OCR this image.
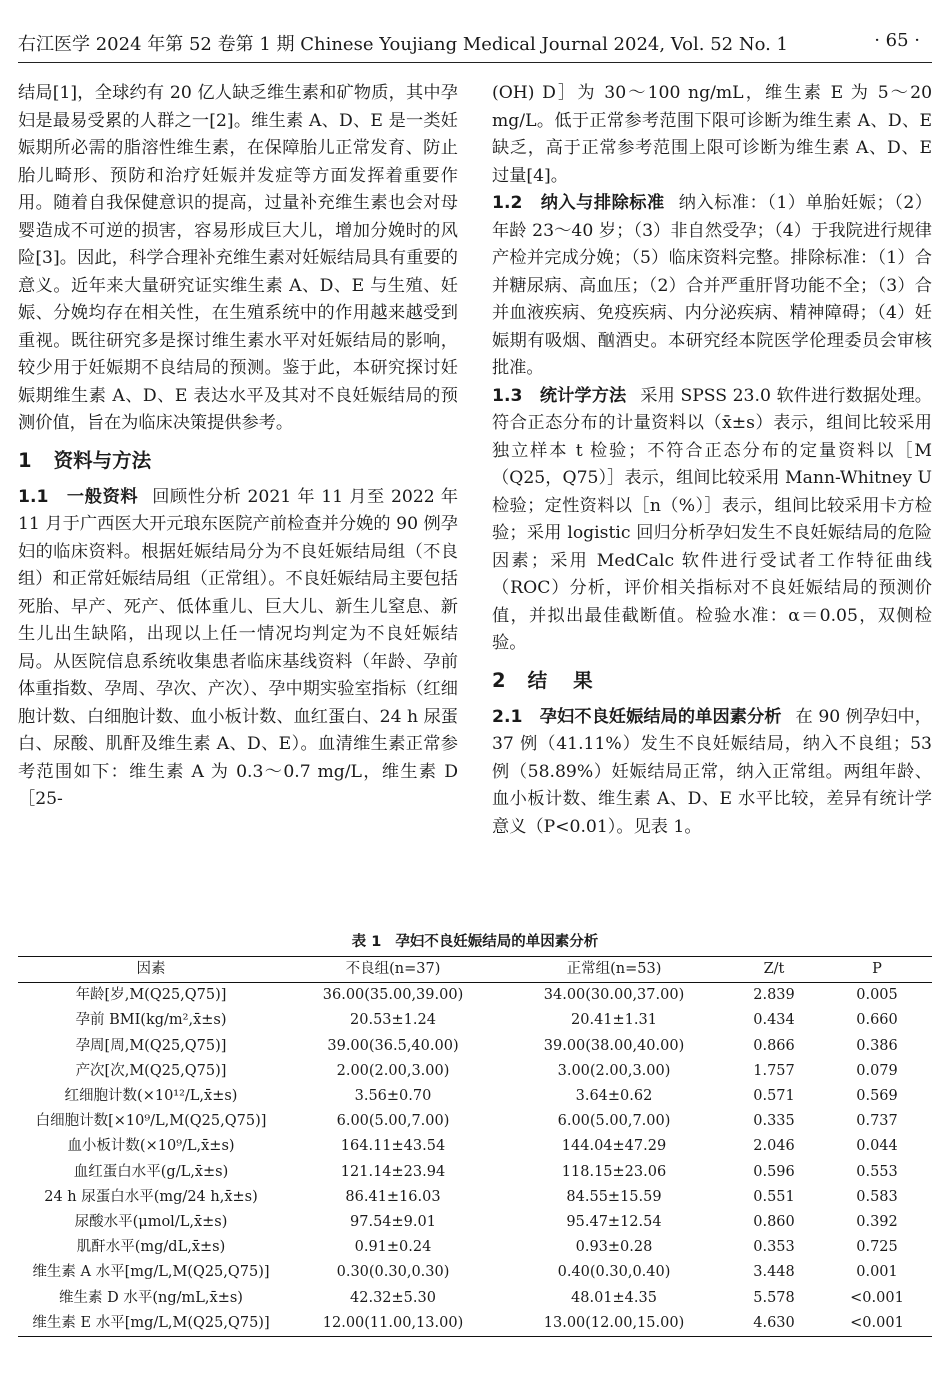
右江医学 2024 年第 52 卷第 1 期 Chinese Youjiang Medical Journal 2024, Vol. 52 No. 1	· 65 ·

结局[1]，全球约有 20 亿人缺乏维生素和矿物质，其中孕妇是最易受累的人群之一[2]。维生素 A、D、E 是一类妊娠期所必需的脂溶性维生素，在保障胎儿正常发育、防止胎儿畸形、预防和治疗妊娠并发症等方面发挥着重要作用。随着自我保健意识的提高，过量补充维生素也会对母婴造成不可逆的损害，容易形成巨大儿，增加分娩时的风险[3]。因此，科学合理补充维生素对妊娠结局具有重要的意义。近年来大量研究证实维生素 A、D、E 与生殖、妊娠、分娩均存在相关性，在生殖系统中的作用越来越受到重视。既往研究多是探讨维生素水平对妊娠结局的影响，较少用于妊娠期不良结局的预测。鉴于此，本研究探讨妊娠期维生素 A、D、E 表达水平及其对不良妊娠结局的预测价值，旨在为临床决策提供参考。

1 资料与方法

1.1　一般资料 回顾性分析 2021 年 11 月至 2022 年 11 月于广西医大开元琅东医院产前检查并分娩的 90 例孕妇的临床资料。根据妊娠结局分为不良妊娠结局组（不良组）和正常妊娠结局组（正常组）。不良妊娠结局主要包括死胎、早产、死产、低体重儿、巨大儿、新生儿窒息、新生儿出生缺陷，出现以上任一情况均判定为不良妊娠结局。从医院信息系统收集患者临床基线资料（年龄、孕前体重指数、孕周、孕次、产次）、孕中期实验室指标（红细胞计数、白细胞计数、血小板计数、血红蛋白、24 h 尿蛋白、尿酸、肌酐及维生素 A、D、E）。血清维生素正常参考范围如下：维生素 A 为 0.3～0.7 mg/L，维生素 D［25-

(OH) D］为 30～100 ng/mL，维生素 E 为 5～20 mg/L。低于正常参考范围下限可诊断为维生素 A、D、E 缺乏，高于正常参考范围上限可诊断为维生素 A、D、E 过量[4]。

1.2　纳入与排除标准 纳入标准：（1）单胎妊娠；（2）年龄 23～40 岁；（3）非自然受孕；（4）于我院进行规律产检并完成分娩；（5）临床资料完整。排除标准：（1）合并糖尿病、高血压；（2）合并严重肝肾功能不全；（3）合并血液疾病、免疫疾病、内分泌疾病、精神障碍；（4）妊娠期有吸烟、酗酒史。本研究经本院医学伦理委员会审核批准。

1.3　统计学方法 采用 SPSS 23.0 软件进行数据处理。符合正态分布的计量资料以（x̄±s）表示，组间比较采用独立样本 t 检验；不符合正态分布的定量资料以［M（Q25，Q75）］表示，组间比较采用 Mann-Whitney U 检验；定性资料以［n（%）］表示，组间比较采用卡方检验；采用 logistic 回归分析孕妇发生不良妊娠结局的危险因素；采用 MedCalc 软件进行受试者工作特征曲线（ROC）分析，评价相关指标对不良妊娠结局的预测价值，并拟出最佳截断值。检验水准：α＝0.05，双侧检验。

2 结果

2.1　孕妇不良妊娠结局的单因素分析 在 90 例孕妇中，37 例（41.11%）发生不良妊娠结局，纳入不良组；53 例（58.89%）妊娠结局正常，纳入正常组。两组年龄、血小板计数、维生素 A、D、E 水平比较，差异有统计学意义（P<0.01）。见表 1。

表 1 孕妇不良妊娠结局的单因素分析
因素	不良组(n=37)	正常组(n=53)	Z/t	P
年龄[岁,M(Q25,Q75)]	36.00(35.00,39.00)	34.00(30.00,37.00)	2.839	0.005
孕前 BMI(kg/m²,x̄±s)	20.53±1.24	20.41±1.31	0.434	0.660
孕周[周,M(Q25,Q75)]	39.00(36.5,40.00)	39.00(38.00,40.00)	0.866	0.386
产次[次,M(Q25,Q75)]	2.00(2.00,3.00)	3.00(2.00,3.00)	1.757	0.079
红细胞计数(×10¹²/L,x̄±s)	3.56±0.70	3.64±0.62	0.571	0.569
白细胞计数[×10⁹/L,M(Q25,Q75)]	6.00(5.00,7.00)	6.00(5.00,7.00)	0.335	0.737
血小板计数(×10⁹/L,x̄±s)	164.11±43.54	144.04±47.29	2.046	0.044
血红蛋白水平(g/L,x̄±s)	121.14±23.94	118.15±23.06	0.596	0.553
24 h 尿蛋白水平(mg/24 h,x̄±s)	86.41±16.03	84.55±15.59	0.551	0.583
尿酸水平(μmol/L,x̄±s)	97.54±9.01	95.47±12.54	0.860	0.392
肌酐水平(mg/dL,x̄±s)	0.91±0.24	0.93±0.28	0.353	0.725
维生素 A 水平[mg/L,M(Q25,Q75)]	0.30(0.30,0.30)	0.40(0.30,0.40)	3.448	0.001
维生素 D 水平(ng/mL,x̄±s)	42.32±5.30	48.01±4.35	5.578	<0.001
维生素 E 水平[mg/L,M(Q25,Q75)]	12.00(11.00,13.00)	13.00(12.00,15.00)	4.630	<0.001
